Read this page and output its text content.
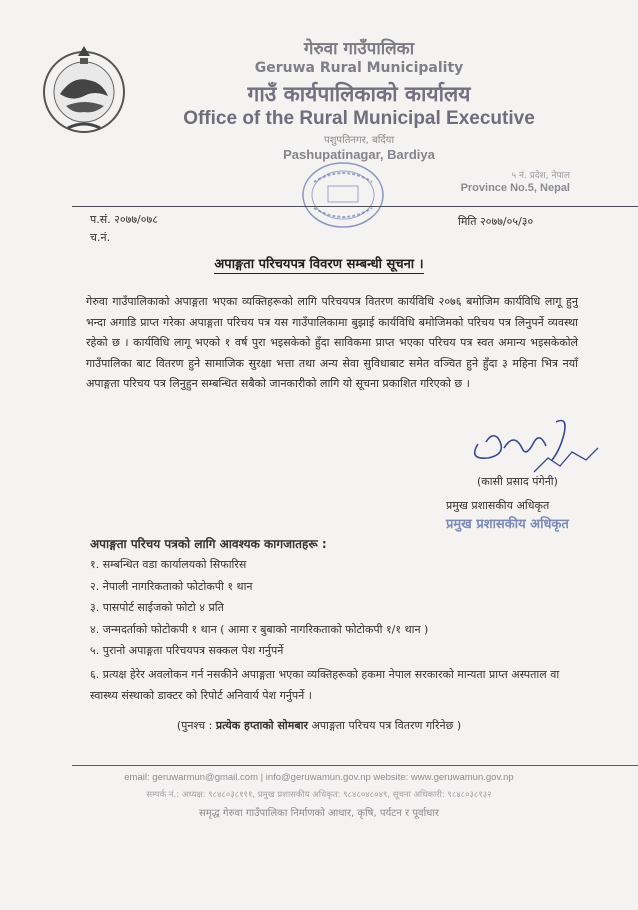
गेरुवा गाउँपालिका
Geruwa Rural Municipality
गाउँ कार्यपालिकाको कार्यालय
Office of the Rural Municipal Executive
पशुपतिनगर, बर्दिया
Pashupatinagar, Bardiya
५ नं. प्रदेश, नेपाल
Province No.5, Nepal
प.सं. २०७७/०७८
च.नं.
मिति २०७७/०५/३०
अपाङ्गता परिचयपत्र विवरण सम्बन्धी सूचना ।
गेरुवा गाउँपालिकाको अपाङ्गता भएका व्यक्तिहरूको लागि परिचयपत्र वितरण कार्यविधि २०७६ बमोजिम कार्यविधि लागू हुनु भन्दा अगाडि प्राप्त गरेका अपाङ्गता परिचय पत्र यस गाउँपालिकामा बुझाई कार्यविधि बमोजिमको परिचय पत्र लिनुपर्ने व्यवस्था रहेको छ । कार्यविधि लागू भएको १ वर्ष पुरा भइसकेको हुँदा साविकमा प्राप्त भएका परिचय पत्र स्वत अमान्य भइसकेकोले गाउँपालिका बाट वितरण हुने सामाजिक सुरक्षा भत्ता तथा अन्य सेवा सुविधाबाट समेत वञ्चित हुने हुँदा ३ महिना भित्र नयाँ अपाङ्गता परिचय पत्र लिनुहुन सम्बन्धित सबैको जानकारीको लागि यो सूचना प्रकाशित गरिएको छ ।
(कासी प्रसाद पंगेनी)
प्रमुख प्रशासकीय अधिकृत
प्रमुख प्रशासकीय अधिकृत
अपाङ्गता परिचय पत्रको लागि आवश्यक कागजातहरू :
१. सम्बन्धित वडा कार्यालयको सिफारिस
२. नेपाली नागरिकताको फोटोकपी १ थान
३. पासपोर्ट साईजको फोटो ४ प्रति
४. जन्मदर्ताको फोटोकपी १ थान ( आमा र बुबाको नागरिकताको फोटोकपी १/१ थान )
५. पुरानो अपाङ्गता परिचयपत्र सक्कल पेश गर्नुपर्ने
६. प्रत्यक्ष हेरेर अवलोकन गर्न नसकीने अपाङ्गता भएका व्यक्तिहरूको हकमा नेपाल सरकारको मान्यता प्राप्त अस्पताल वा स्वास्थ्य संस्थाको डाक्टर को रिपोर्ट अनिवार्य पेश गर्नुपर्ने ।
(पुनश्च : प्रत्येक हप्ताको सोमबार अपाङ्गता परिचय पत्र वितरण गरिनेछ )
email: geruwarmun@gmail.com | info@geruwamun.gov.np website: www.geruwamun.gov.np
सम्पर्क नं.: अध्यक्ष: ९८४८०३८१११, प्रमुख प्रशासकीय अधिकृत: ९८४८०४८०४९, सूचना अधिकारी: ९८४८०३८१३२
समृद्ध गेरुवा गाउँपालिका निर्माणको आधार, कृषि, पर्यटन र पूर्वाधार
